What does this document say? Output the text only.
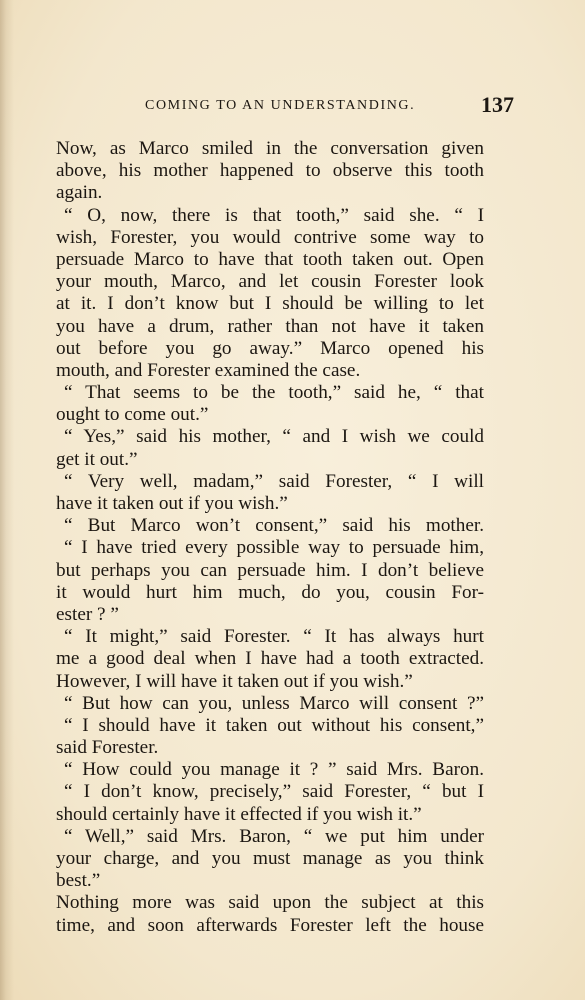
COMING TO AN UNDERSTANDING.	137
Now, as Marco smiled in the conversation given
above, his mother happened to observe this tooth
again.
“ O, now, there is that tooth,” said she. “ I
wish, Forester, you would contrive some way to
persuade Marco to have that tooth taken out. Open
your mouth, Marco, and let cousin Forester look
at it. I don’t know but I should be willing to let
you have a drum, rather than not have it taken
out before you go away.” Marco opened his
mouth, and Forester examined the case.
“ That seems to be the tooth,” said he, “ that
ought to come out.”
“ Yes,” said his mother, “ and I wish we could
get it out.”
“ Very well, madam,” said Forester, “ I will
have it taken out if you wish.”
“ But Marco won’t consent,” said his mother.
“ I have tried every possible way to persuade him,
but perhaps you can persuade him. I don’t believe
it would hurt him much, do you, cousin For-
ester ? ”
“ It might,” said Forester. “ It has always hurt
me a good deal when I have had a tooth extracted.
However, I will have it taken out if you wish.”
“ But how can you, unless Marco will consent ?”
“ I should have it taken out without his consent,”
said Forester.
“ How could you manage it ? ” said Mrs. Baron.
“ I don’t know, precisely,” said Forester, “ but I
should certainly have it effected if you wish it.”
“ Well,” said Mrs. Baron, “ we put him under
your charge, and you must manage as you think
best.”
Nothing more was said upon the subject at this
time, and soon afterwards Forester left the house
